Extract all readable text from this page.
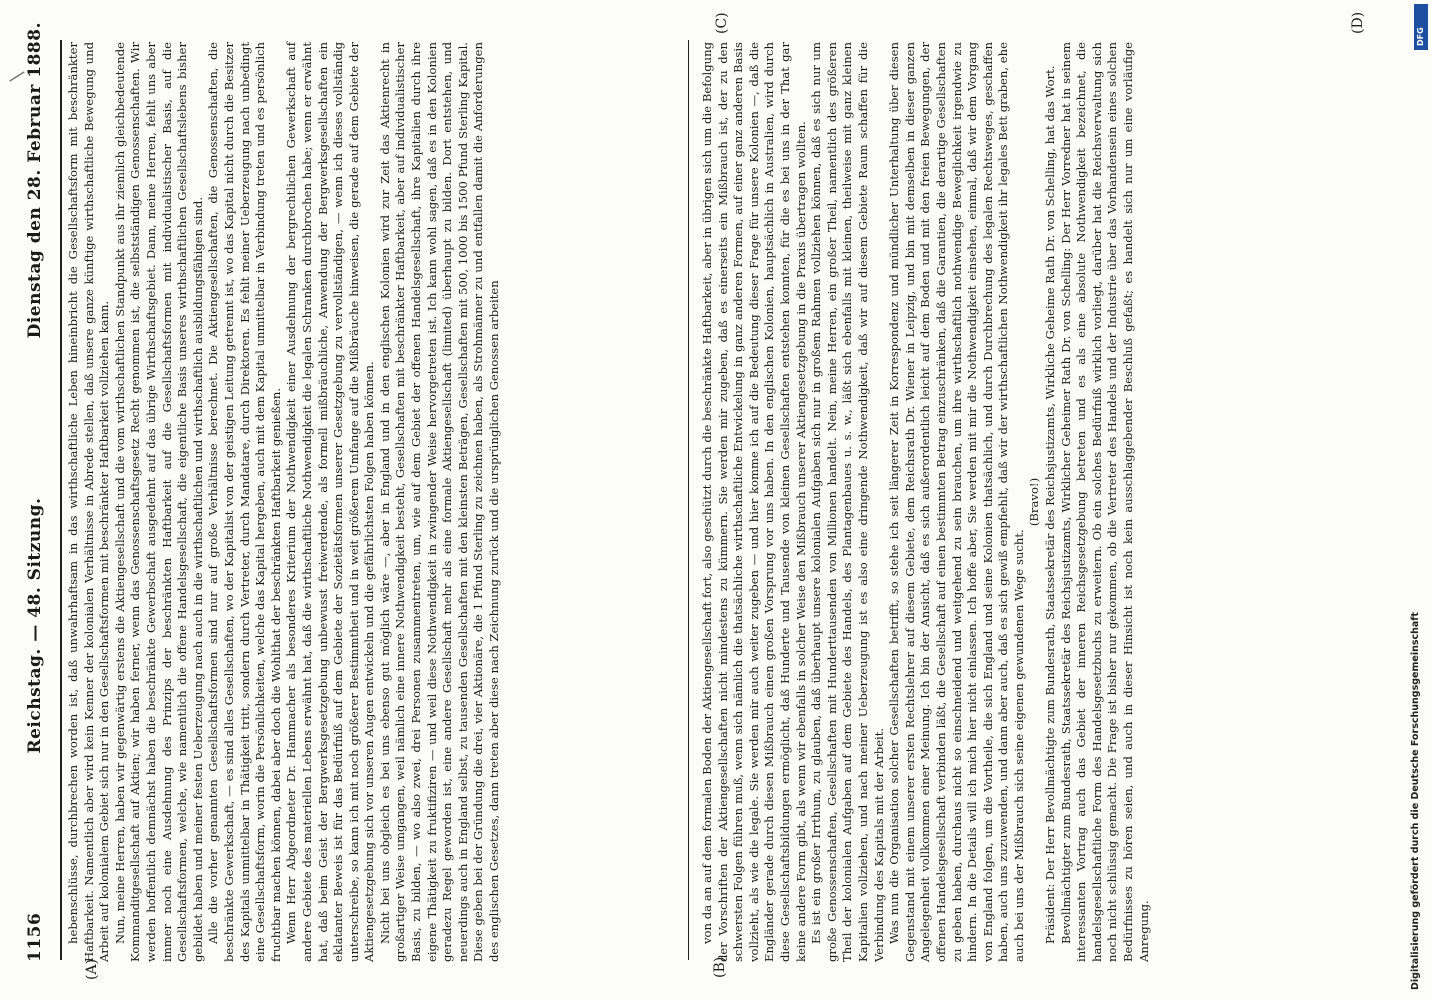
1156
Reichstag. — 48. Sitzung.
Dienstag den 28. Februar 1888. hebenschlüsse, durchbrechen worden ist, daß unwahrhaftsam in das wirthschaftliche Leben hineinbricht die Gesellschaftsform mit beschränkter Haftbarkeit. Namentlich aber wird kein Kenner der kolonialen Verhältnisse in Abrede stellen, daß unsere ganze künftige wirthschaftliche Bewegung und Arbeit auf kolonialem Gebiet sich nur in den Gesellschaftsformen mit beschränkter Haftbarkeit vollziehen kann. Nun, meine Herren, haben wir gegenwärtig erstens die Aktiengesellschaft und die vom wirthschaftlichen Standpunkt aus ihr ziemlich gleichbedeutende Kommanditgesellschaft auf Aktien; wir haben ferner, wenn das Genossenschaftsgesetz Recht genommen ist, die selbstständigen Genossenschaften. Wir werden hoffentlich demnächst haben die beschränkte Gewerbschaft ausgedehnt auf das übrige Wirthschaftsgebiet. Dann, meine Herren, fehlt uns aber immer noch eine Ausdehnung des Prinzips der beschränkten Haftbarkeit auf die Gesellschaftsformen mit individualistischer Basis, auf die Gesellschaftsformen, welche, wie namentlich die offene Handelsgesellschaft, die eigentliche Basis unseres wirthschaftlichen Gesellschaftslebens bisher gebildet haben und meiner festen Ueberzeugung nach auch in die wirthschaftlichen und wirthschaftlich ausbildungsfähigen sind. Alle die vorher genannten Gesellschaftsformen sind nur auf große Verhältnisse berechnet. Die Aktiengesellschaften, die Genossenschaften, die beschränkte Gewerkschaft, — es sind alles Gesellschaften, wo der Kapitalist von der geistigen Leitung getrennt ist, wo das Kapital nicht durch die Besitzer des Kapitals unmittelbar in Thätigkeit tritt, sondern durch Vertreter, durch Mandatare, durch Direktoren. Es fehlt meiner Ueberzeugung nach unbedingt eine Gesellschaftsform, worin die Persönlichkeiten, welche das Kapital hergeben, auch mit dem Kapital unmittelbar in Verbindung treten und es persönlich fruchtbar machen können, dabei aber doch die Wohlthat der beschränkten Haftbarkeit genießen. Wenn Herr Abgeordneter Dr. Hammacher als besonderes Kriterium der Nothwendigkeit einer Ausdehnung der bergrechtlichen Gewerkschaft auf andere Gebiete des materiellen Lebens erwähnt hat, daß die wirthschaftliche Nothwendigkeit die legalen Schranken durchbrochen habe; wenn er erwähnt hat, daß beim Geist der Bergwerksgesetzgebung unbewusst freiwerdende, als formell mißbräuchliche, Anwendung der Bergwerksgesellschaften ein eklatanter Beweis ist für das Bedürfniß auf dem Gebiete der Sozietätsformen unserer Gesetzgebung zu vervollständigen, — wenn ich dieses vollständig unterschreibe, so kann ich mit noch größerer Bestimmtheit und in weit größerem Umfange auf die Mißbräuche hinweisen, die gerade auf dem Gebiete der Aktiengesetzgebung sich vor unseren Augen entwickeln und die gefährlichsten Folgen haben können. Nicht bei uns obgleich es bei uns ebenso gut möglich wäre —, aber in England und in den englischen Kolonien wird zur Zeit das Aktienrecht in großartiger Weise umgangen, weil nämlich eine innere Nothwendigkeit besteht, Gesellschaften mit beschränkter Haftbarkeit, aber auf individualistischer Basis, zu bilden, — wo also zwei, drei Personen zusammentreten, um, wie auf dem Gebiet der offenen Handelsgesellschaft, ihre Kapitalien durch ihre eigene Thätigkeit zu fruktifiziren — und weil diese Nothwendigkeit in zwingender Weise hervorgetreten ist. Ich kann wohl sagen, daß es in den Kolonien geradezu Regel geworden ist, eine andere Gesellschaft mehr als eine formale Aktiengesellschaft (limited) überhaupt zu bilden. Dort entstehen, und neuerdings auch in England selbst, zu tausenden Gesellschaften mit den kleinsten Beträgen, Gesellschaften mit 500, 1000 bis 1500 Pfund Sterling Kapital. Diese geben bei der Gründung die drei, vier Aktionäre, die 1 Pfund Sterling zu zeichnen haben, als Strohmänner zu und entfallen damit die Anforderungen des englischen Gesetzes, dann treten aber diese nach Zeichnung zurück und die ursprünglichen Genossen arbeiten	von da an auf dem formalen Boden der Aktiengesellschaft fort, also geschützt durch die beschränkte Haftbarkeit, aber in übrigen sich um die Befolgung der Vorschriften der Aktiengesellschaften nicht mindestens zu kümmern. Sie werden mir zugeben, daß es einerseits ein Mißbrauch ist, der zu den schwersten Folgen führen muß, wenn sich nämlich die thatsächliche wirthschaftliche Entwickelung in ganz anderen Formen, auf einer ganz anderen Basis vollzieht, als wie die legale. Sie werden mir auch weiter zugeben — und hier komme ich auf die Bedeutung dieser Frage für unsere Kolonien —, daß die Engländer gerade durch diesen Mißbrauch einen großen Vorsprung vor uns haben. In den englischen Kolonien, hauptsächlich in Australien, wird durch diese Gesellschaftsbildungen ermöglicht, daß Hunderte und Tausende von kleinen Gesellschaften entstehen konnten, für die es bei uns in der That gar keine andere Form gibt, als wenn wir ebenfalls in solcher Weise den Mißbrauch unserer Aktiengesetzgebung in die Praxis übertragen wollten. Es ist ein großer Irrthum, zu glauben, daß überhaupt unsere kolonialen Aufgaben sich nur in großem Rahmen vollziehen können, daß es sich nur um große Genossenschaften, Gesellschaften mit Hunderttausenden von Millionen handelt. Nein, meine Herren, ein großer Theil, namentlich des größeren Theil der kolonialen Aufgaben auf dem Gebiete des Handels, des Plantagenbaues u. s. w., läßt sich ebenfalls mit kleinen, theilweise mit ganz kleinen Kapitalien vollziehen, und nach meiner Ueberzeugung ist es also eine dringende Nothwendigkeit, daß wir auf diesem Gebiete Raum schaffen für die Verbindung des Kapitals mit der Arbeit. Was nun die Organisation solcher Gesellschaften betrifft, so stehe ich seit längerer Zeit in Korrespondenz und mündlicher Unterhaltung über diesen Gegenstand mit einem unserer ersten Rechtslehrer auf diesem Gebiete, dem Reichsrath Dr. Wiener in Leipzig, und bin mit demselben in dieser ganzen Angelegenheit vollkommen einer Meinung. Ich bin der Ansicht, daß es sich außerordentlich leicht auf dem Boden und mit den freien Bewegungen, der offenen Handelsgesellschaft verbinden läßt, die Gesellschaft auf einen bestimmten Betrag einzuschränken, daß die Garantien, die derartige Gesellschaften zu geben haben, durchaus nicht so einschneidend und weitgehend zu sein brauchen, um ihre wirthschaftlich nothwendige Beweglichkeit irgendwie zu hindern. In die Details will ich mich hier nicht einlassen. Ich hoffe aber, Sie werden mit mir die Nothwendigkeit einsehen, einmal, daß wir dem Vorgang von England folgen, um die Vortheile, die sich England und seine Kolonien thatsächlich, und durch Durchbrechung des legalen Rechtsweges, geschaffen haben, auch uns zuzuwenden, und dann aber auch, daß es sich gewiß empfiehlt, daß wir der wirthschaftlichen Nothwendigkeit ihr legales Bett graben, ehe auch bei uns der Mißbrauch sich seine eigenen gewundenen Wege sucht.

(Bravo!) Präsident: Der Herr Bevollmächtigte zum Bundesrath, Staatssekretär des Reichsjustizamts, Wirkliche Geheime Rath Dr. von Schelling, hat das Wort. Bevollmächtigter zum Bundesrath, Staatssekretär des Reichsjustizamts, Wirklicher Geheimer Rath Dr. von Schelling: Der Herr Vorredner hat in seinem interessanten Vortrag auch das Gebiet der inneren Reichsgesetzgebung betreten und es als eine absolute Nothwendigkeit bezeichnet, die handelsgesellschaftliche Form des Handelsgesetzbuchs zu erweitern. Ob ein solches Bedürfniß wirklich vorliegt, darüber hat die Reichsverwaltung sich noch nicht schlüssig gemacht. Die Frage ist bisher nur gekommen, ob die Vertreter des Handels und der Industrie über das Vorhandensein eines solchen Bedürfnisses zu hören seien, und auch in dieser Hinsicht ist noch kein ausschlaggebender Beschluß gefaßt; es handelt sich nur um eine vorläufige Anregung.

(A)	(B)
(C)	(D)
/
Digitalisierung gefördert durch die Deutsche Forschungsgemeinschaft
DFG
